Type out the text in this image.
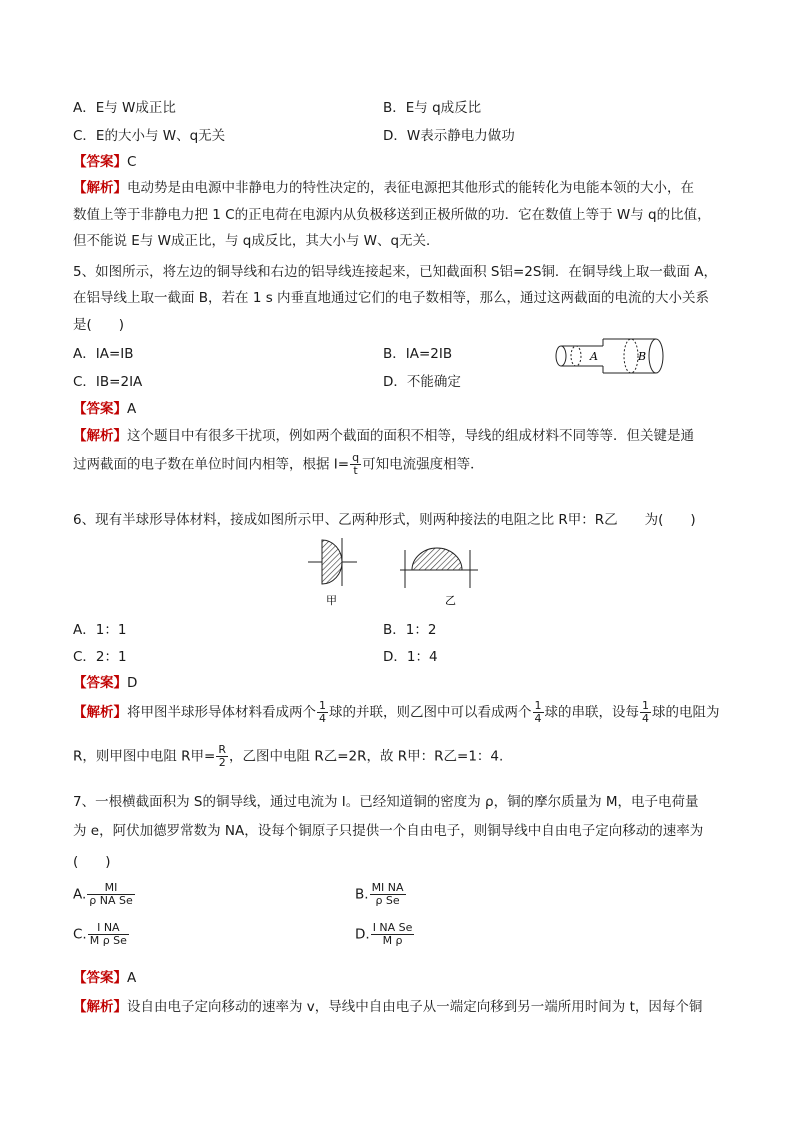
A．E与 W成正比	B．E与 q成反比
C．E的大小与 W、q无关	D．W表示静电力做功
【答案】C
【解析】电动势是由电源中非静电力的特性决定的，表征电源把其他形式的能转化为电能本领的大小，在
数值上等于非静电力把 1 C的正电荷在电源内从负极移送到正极所做的功．它在数值上等于 W与 q的比值，
但不能说 E与 W成正比，与 q成反比，其大小与 W、q无关．
5、如图所示，将左边的铜导线和右边的铝导线连接起来，已知截面积 S铝=2S铜．在铜导线上取一截面 A，
在铝导线上取一截面 B，若在 1 s 内垂直地通过它们的电子数相等，那么，通过这两截面的电流的大小关系
是(　　)
A．IA=IB	B．IA=2IB
C．IB=2IA	D．不能确定
A	B
【答案】A
【解析】这个题目中有很多干扰项，例如两个截面的面积不相等，导线的组成材料不同等等．但关键是通
过两截面的电子数在单位时间内相等，根据 $I= \frac{q}{t}$ 可知电流强度相等．
6、现有半球形导体材料，接成如图所示甲、乙两种形式，则两种接法的电阻之比 R甲：R乙　　为(　　)
甲	乙
A．1：1	B．1：2
C．2：1	D．1：4
【答案】D
【解析】将甲图半球形导体材料看成两个 $\frac{1}{4}$ 球的并联，则乙图中可以看成两个 $\frac{1}{4}$ 球的串联，设每 $\frac{1}{4}$ 球的电阻为
R，则甲图中电阻 R甲= $\frac{R}{2}$ ，乙图中电阻 R乙=2R，故 R甲：R乙=1：4.
7、一根横截面积为 S的铜导线，通过电流为 I。已经知道铜的密度为 ρ，铜的摩尔质量为 M，电子电荷量
为 e，阿伏加德罗常数为 NA，设每个铜原子只提供一个自由电子，则铜导线中自由电子定向移动的速率为
(　　)
A. $\frac{MI}{\text{ρ NA Se}}$	B. $\frac{\text{MI NA}}{\text{ρ Se}}$
C. $\frac{\text{I NA}}{\text{M ρ Se}}$	D. $\frac{\text{I NA Se}}{\text{M ρ}}$
【答案】A
【解析】设自由电子定向移动的速率为 v，导线中自由电子从一端定向移到另一端所用时间为 t，因每个铜
